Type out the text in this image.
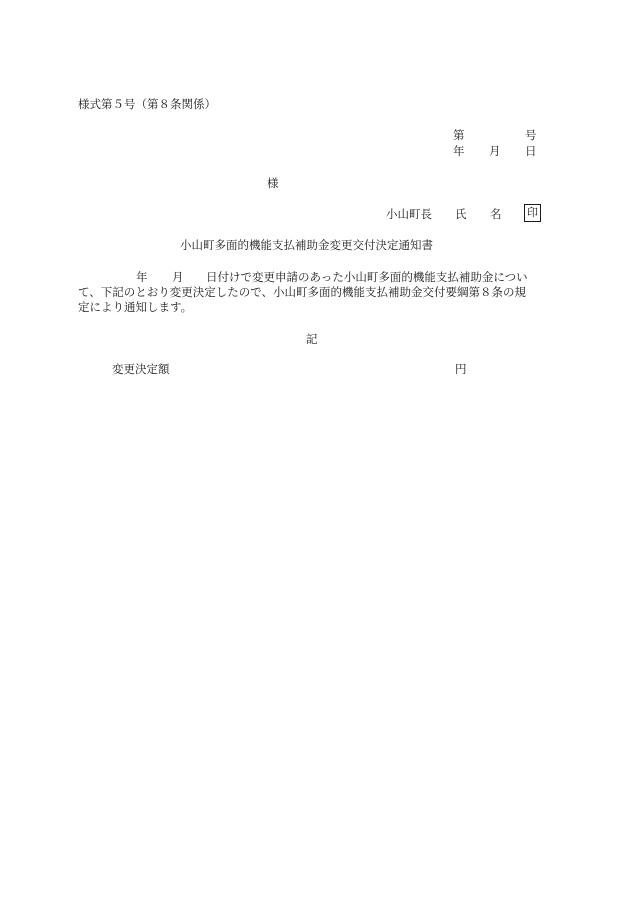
様式第５号（第８条関係）
第	号
年 月 日
様
小山町長 氏 名 印
小山町多面的機能支払補助金変更交付決定通知書
年 月 日付けで変更申請のあった小山町多面的機能支払補助金につい
て、下記のとおり変更決定したので、小山町多面的機能支払補助金交付要綱第８条の規
定により通知します。
記
変更決定額	円
